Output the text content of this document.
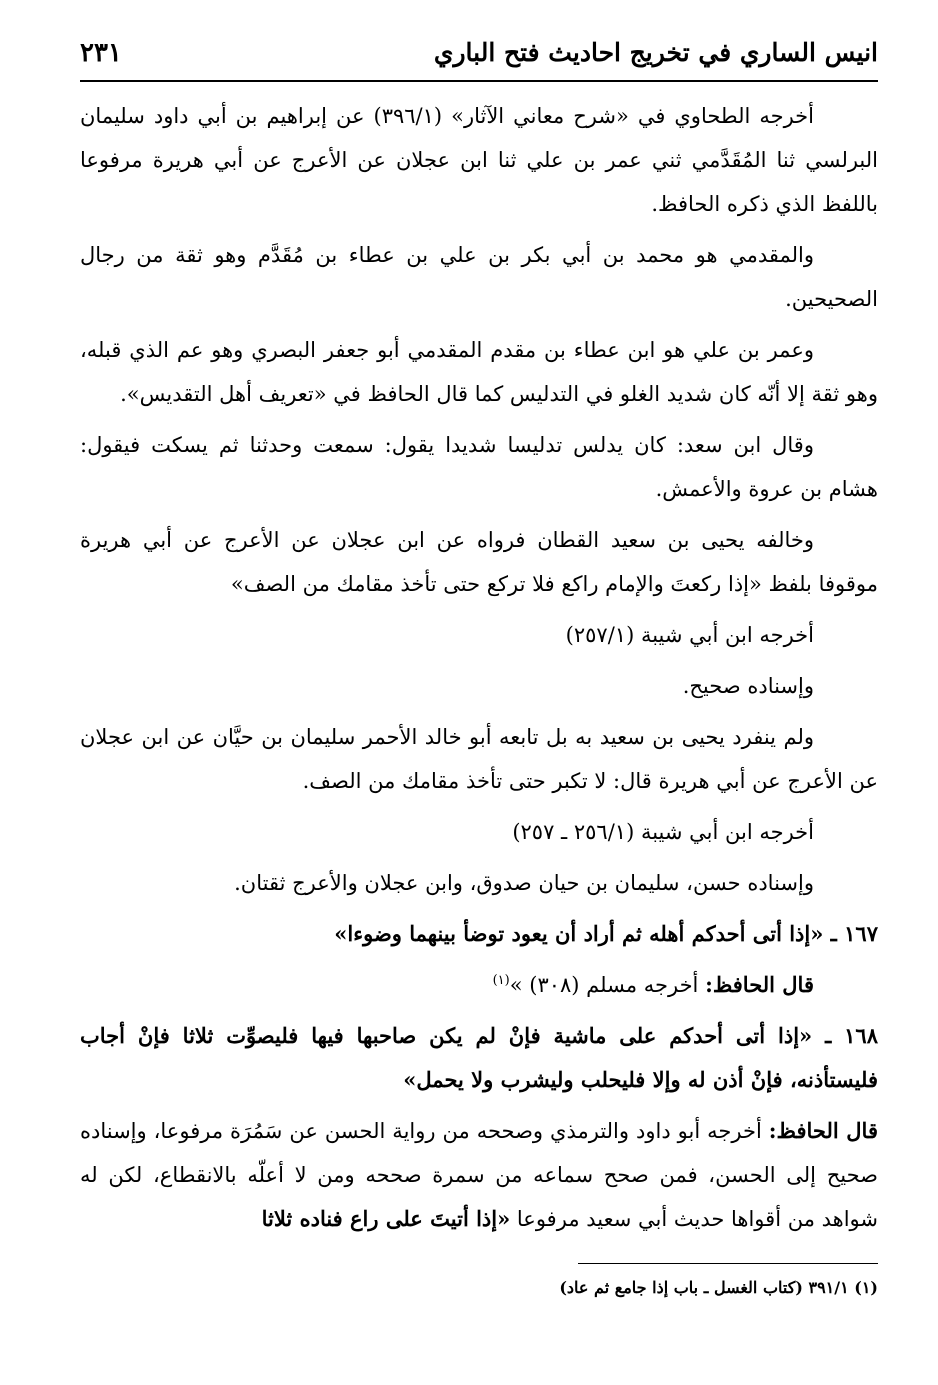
انيس الساري في تخريج احاديث فتح الباري
٢٣١

أخرجه الطحاوي في «شرح معاني الآثار» (٣٩٦/١) عن إبراهيم بن أبي داود سليمان البرلسي ثنا المُقَدَّمي ثني عمر بن علي ثنا ابن عجلان عن الأعرج عن أبي هريرة مرفوعا باللفظ الذي ذكره الحافظ.

والمقدمي هو محمد بن أبي بكر بن علي بن عطاء بن مُقَدَّم وهو ثقة من رجال الصحيحين.

وعمر بن علي هو ابن عطاء بن مقدم المقدمي أبو جعفر البصري وهو عم الذي قبله، وهو ثقة إلا أنّه كان شديد الغلو في التدليس كما قال الحافظ في «تعريف أهل التقديس».

وقال ابن سعد: كان يدلس تدليسا شديدا يقول: سمعت وحدثنا ثم يسكت فيقول: هشام بن عروة والأعمش.

وخالفه يحيى بن سعيد القطان فرواه عن ابن عجلان عن الأعرج عن أبي هريرة موقوفا بلفظ «إذا ركعتَ والإمام راكع فلا تركع حتى تأخذ مقامك من الصف»

أخرجه ابن أبي شيبة (٢٥٧/١)

وإسناده صحيح.

ولم ينفرد يحيى بن سعيد به بل تابعه أبو خالد الأحمر سليمان بن حيَّان عن ابن عجلان عن الأعرج عن أبي هريرة قال: لا تكبر حتى تأخذ مقامك من الصف.

أخرجه ابن أبي شيبة (٢٥٦/١ ـ ٢٥٧)

وإسناده حسن، سليمان بن حيان صدوق، وابن عجلان والأعرج ثقتان.

١٦٧ ـ «إذا أتى أحدكم أهله ثم أراد أن يعود توضأ بينهما وضوءا»

قال الحافظ: أخرجه مسلم (٣٠٨) »$^{(١)}$

١٦٨ ـ «إذا أتى أحدكم على ماشية فإنْ لم يكن صاحبها فيها فليصوِّت ثلاثا فإنْ أجاب فليستأذنه، فإنْ أذن له وإلا فليحلب وليشرب ولا يحمل»

قال الحافظ: أخرجه أبو داود والترمذي وصححه من رواية الحسن عن سَمُرَة مرفوعا، وإسناده صحيح إلى الحسن، فمن صحح سماعه من سمرة صححه ومن لا أعلّه بالانقطاع، لكن له شواهد من أقواها حديث أبي سعيد مرفوعا «إذا أتيتَ على راع فناده ثلاثا

(١) ٣٩١/١ (كتاب الغسل ـ باب إذا جامع ثم عاد)
